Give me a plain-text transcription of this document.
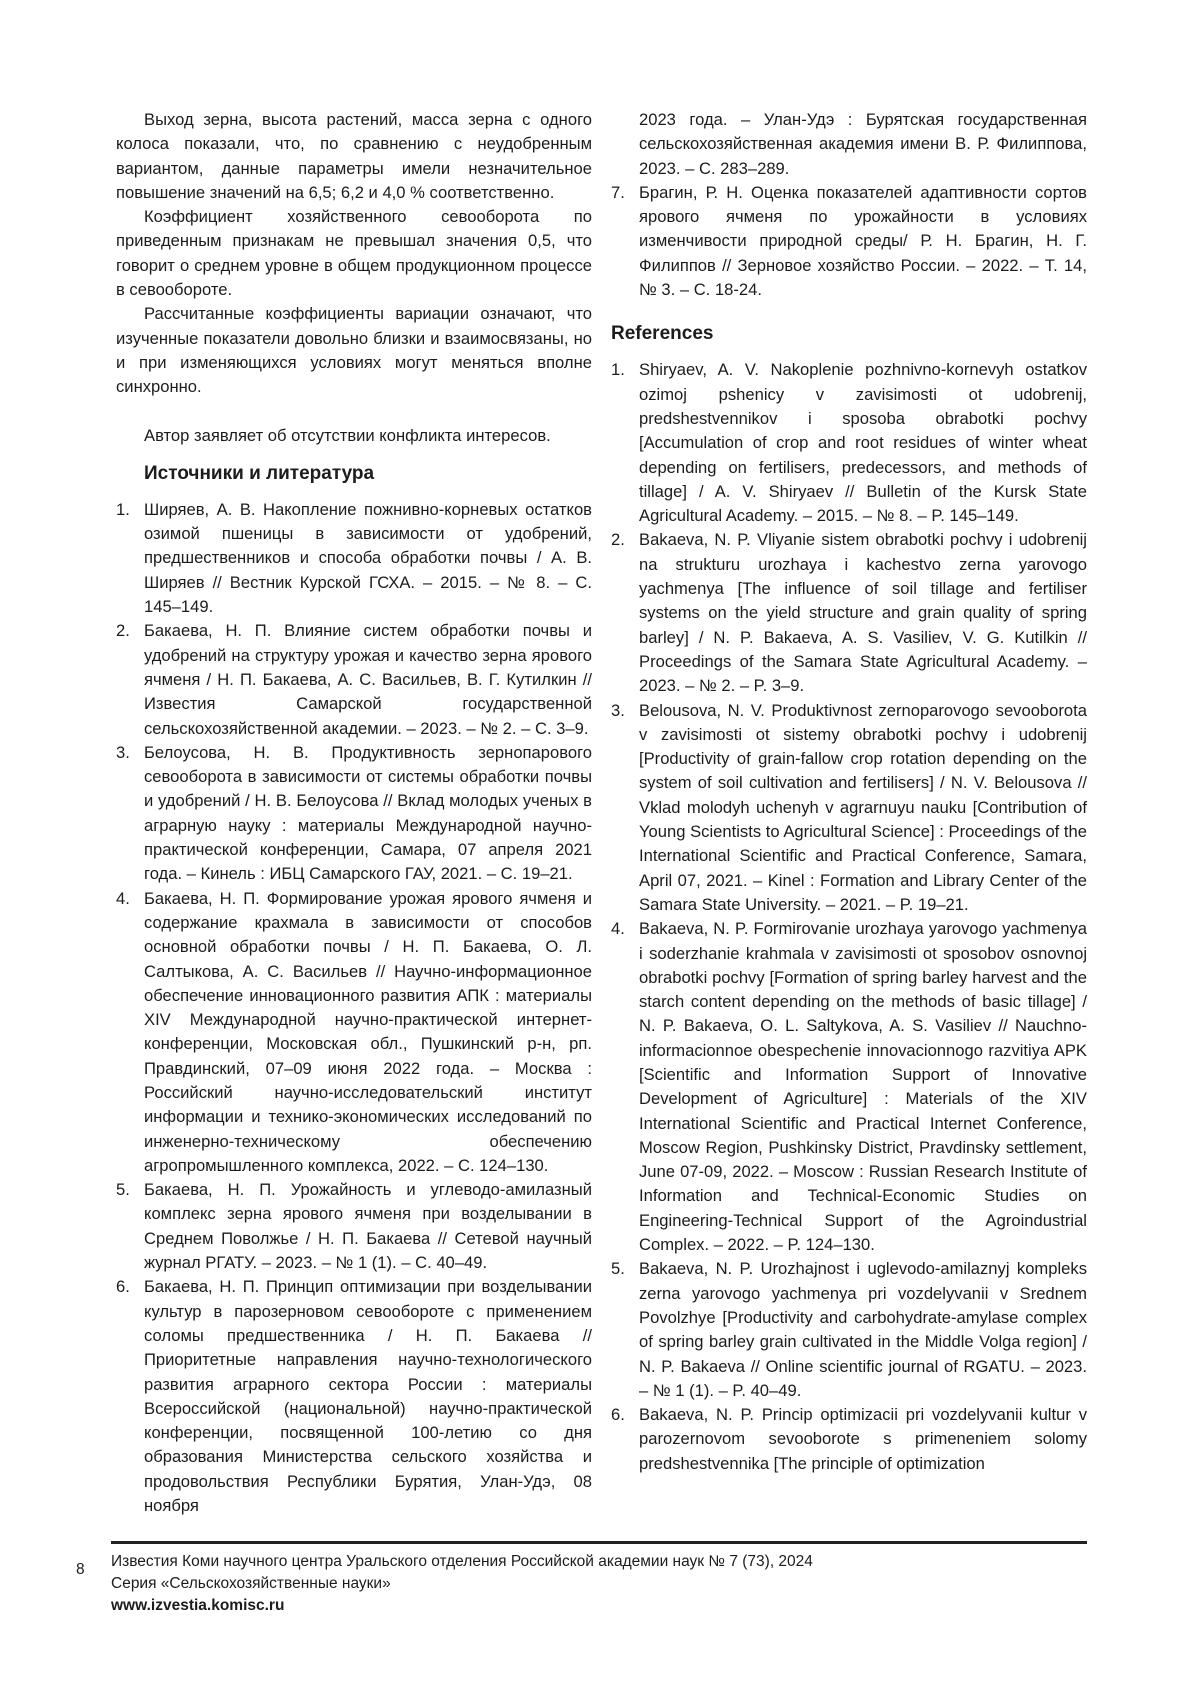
Выход зерна, высота растений, масса зерна с одного колоса показали, что, по сравнению с неудобренным вариантом, данные параметры имели незначительное повышение значений на 6,5; 6,2 и 4,0 % соответственно.

Коэффициент хозяйственного севооборота по приведенным признакам не превышал значения 0,5, что говорит о среднем уровне в общем продукционном процессе в севообороте.

Рассчитанные коэффициенты вариации означают, что изученные показатели довольно близки и взаимосвязаны, но и при изменяющихся условиях могут меняться вполне синхронно.

Автор заявляет об отсутствии конфликта интересов.

Источники и литература
1. Ширяев, А. В. Накопление пожнивно-корневых остатков озимой пшеницы в зависимости от удобрений, предшественников и способа обработки почвы / А. В. Ширяев // Вестник Курской ГСХА. – 2015. – № 8. – С. 145–149.
2. Бакаева, Н. П. Влияние систем обработки почвы и удобрений на структуру урожая и качество зерна ярового ячменя / Н. П. Бакаева, А. С. Васильев, В. Г. Кутилкин // Известия Самарской государственной сельскохозяйственной академии. – 2023. – № 2. – С. 3–9.
3. Белоусова, Н. В. Продуктивность зернопарового севооборота в зависимости от системы обработки почвы и удобрений / Н. В. Белоусова // Вклад молодых ученых в аграрную науку : материалы Международной научно-практической конференции, Самара, 07 апреля 2021 года. – Кинель : ИБЦ Самарского ГАУ, 2021. – С. 19–21.
4. Бакаева, Н. П. Формирование урожая ярового ячменя и содержание крахмала в зависимости от способов основной обработки почвы / Н. П. Бакаева, О. Л. Салтыкова, А. С. Васильев // Научно-информационное обеспечение инновационного развития АПК : материалы XIV Международной научно-практической интернет-конференции, Московская обл., Пушкинский р-н, рп. Правдинский, 07–09 июня 2022 года. – Москва : Российский научно-исследовательский институт информации и технико-экономических исследований по инженерно-техническому обеспечению агропромышленного комплекса, 2022. – С. 124–130.
5. Бакаева, Н. П. Урожайность и углеводо-амилазный комплекс зерна ярового ячменя при возделывании в Среднем Поволжье / Н. П. Бакаева // Сетевой научный журнал РГАТУ. – 2023. – № 1 (1). – С. 40–49.
6. Бакаева, Н. П. Принцип оптимизации при возделывании культур в парозерновом севообороте с применением соломы предшественника / Н. П. Бакаева // Приоритетные направления научно-технологического развития аграрного сектора России : материалы Всероссийской (национальной) научно-практической конференции, посвященной 100-летию со дня образования Министерства сельского хозяйства и продовольствия Республики Бурятия, Улан-Удэ, 08 ноября
2023 года. – Улан-Удэ : Бурятская государственная сельскохозяйственная академия имени В. Р. Филиппова, 2023. – С. 283–289.
7. Брагин, Р. Н. Оценка показателей адаптивности сортов ярового ячменя по урожайности в условиях изменчивости природной среды/ Р. Н. Брагин, Н. Г. Филиппов // Зерновое хозяйство России. – 2022. – Т. 14, № 3. – С. 18-24.
References
1. Shiryaev, A. V. Nakoplenie pozhnivno-kornevyh ostatkov ozimoj pshenicy v zavisimosti ot udobrenij, predshestvennikov i sposoba obrabotki pochvy [Accumulation of crop and root residues of winter wheat depending on fertilisers, predecessors, and methods of tillage] / A. V. Shiryaev // Bulletin of the Kursk State Agricultural Academy. – 2015. – № 8. – P. 145–149.
2. Bakaeva, N. P. Vliyanie sistem obrabotki pochvy i udobrenij na strukturu urozhaya i kachestvo zerna yarovogo yachmenya [The influence of soil tillage and fertiliser systems on the yield structure and grain quality of spring barley] / N. P. Bakaeva, A. S. Vasiliev, V. G. Kutilkin // Proceedings of the Samara State Agricultural Academy. – 2023. – № 2. – P. 3–9.
3. Belousova, N. V. Produktivnost zernoparovogo sevooborota v zavisimosti ot sistemy obrabotki pochvy i udobrenij [Productivity of grain-fallow crop rotation depending on the system of soil cultivation and fertilisers] / N. V. Belousova // Vklad molodyh uchenyh v agrarnuyu nauku [Contribution of Young Scientists to Agricultural Science] : Proceedings of the International Scientific and Practical Conference, Samara, April 07, 2021. – Kinel : Formation and Library Center of the Samara State University. – 2021. – P. 19–21.
4. Bakaeva, N. P. Formirovanie urozhaya yarovogo yachmenya i soderzhanie krahmala v zavisimosti ot sposobov osnovnoj obrabotki pochvy [Formation of spring barley harvest and the starch content depending on the methods of basic tillage] / N. P. Bakaeva, O. L. Saltykova, A. S. Vasiliev // Nauchno-informacionnoe obespechenie innovacionnogo razvitiya APK [Scientific and Information Support of Innovative Development of Agriculture] : Materials of the XIV International Scientific and Practical Internet Conference, Moscow Region, Pushkinsky District, Pravdinsky settlement, June 07-09, 2022. – Moscow : Russian Research Institute of Information and Technical-Economic Studies on Engineering-Technical Support of the Agroindustrial Complex. – 2022. – P. 124–130.
5. Bakaeva, N. P. Urozhajnost i uglevodo-amilaznyj kompleks zerna yarovogo yachmenya pri vozdelyvanii v Srednem Povolzhye [Productivity and carbohydrate-amylase complex of spring barley grain cultivated in the Middle Volga region] / N. P. Bakaeva // Online scientific journal of RGATU. – 2023. – № 1 (1). – P. 40–49.
6. Bakaeva, N. P. Princip optimizacii pri vozdelyvanii kultur v parozernovom sevooborote s primeneniem solomy predshestvennika [The principle of optimization
8 Известия Коми научного центра Уральского отделения Российской академии наук № 7 (73), 2024
Серия «Сельскохозяйственные науки»
www.izvestia.komisc.ru
